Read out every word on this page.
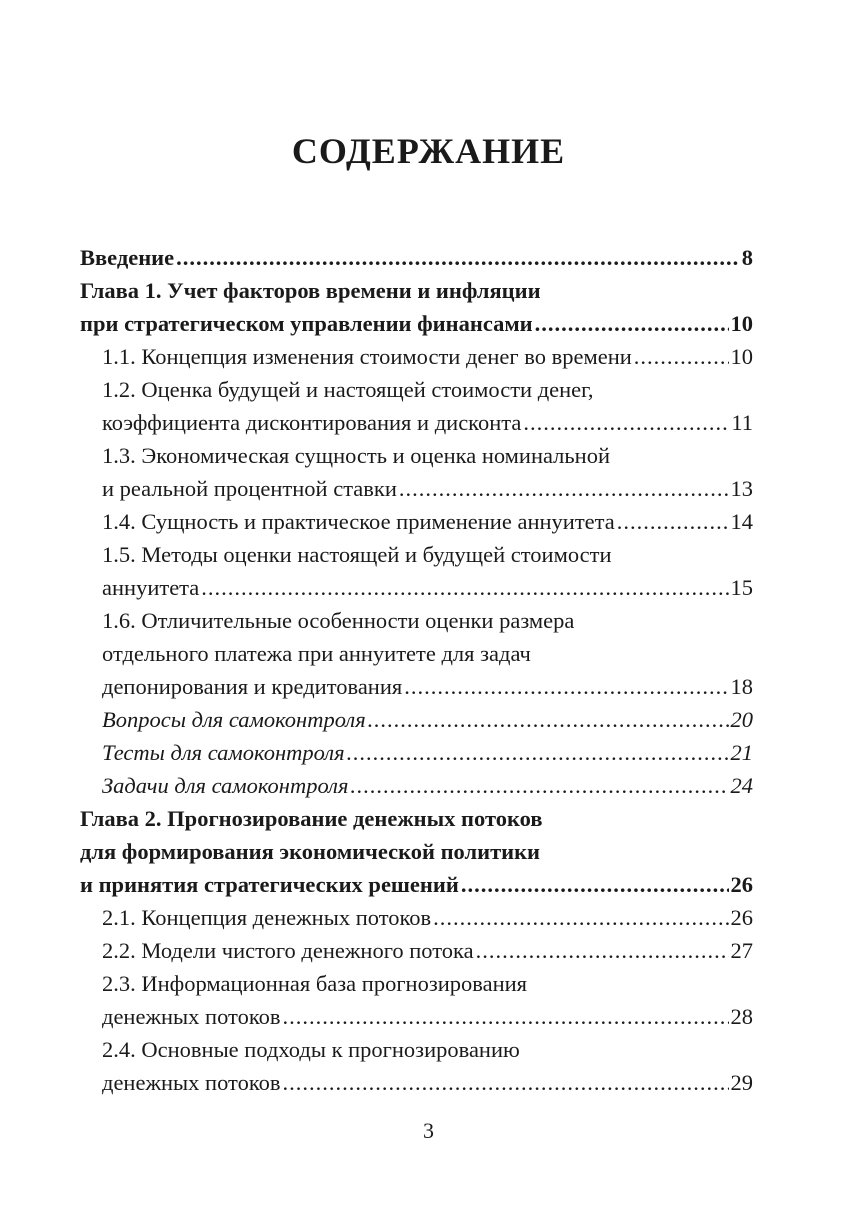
СОДЕРЖАНИЕ
Введение .....	8
Глава 1. Учет факторов времени и инфляции
при стратегическом управлении финансами .....	10
1.1. Концепция изменения стоимости денег во времени .....	10
1.2. Оценка будущей и настоящей стоимости денег,
коэффициента дисконтирования и дисконта .....	11
1.3. Экономическая сущность и оценка номинальной
и реальной процентной ставки .....	13
1.4. Сущность и практическое применение аннуитета .....	14
1.5. Методы оценки настоящей и будущей стоимости
аннуитета .....	15
1.6. Отличительные особенности оценки размера
отдельного платежа при аннуитете для задач
депонирования и кредитования .....	18
Вопросы для самоконтроля .....	20
Тесты для самоконтроля .....	21
Задачи для самоконтроля .....	24
Глава 2. Прогнозирование денежных потоков
для формирования экономической политики
и принятия стратегических решений .....	26
2.1. Концепция денежных потоков .....	26
2.2. Модели чистого денежного потока .....	27
2.3. Информационная база прогнозирования
денежных потоков .....	28
2.4. Основные подходы к прогнозированию
денежных потоков .....	29
3
